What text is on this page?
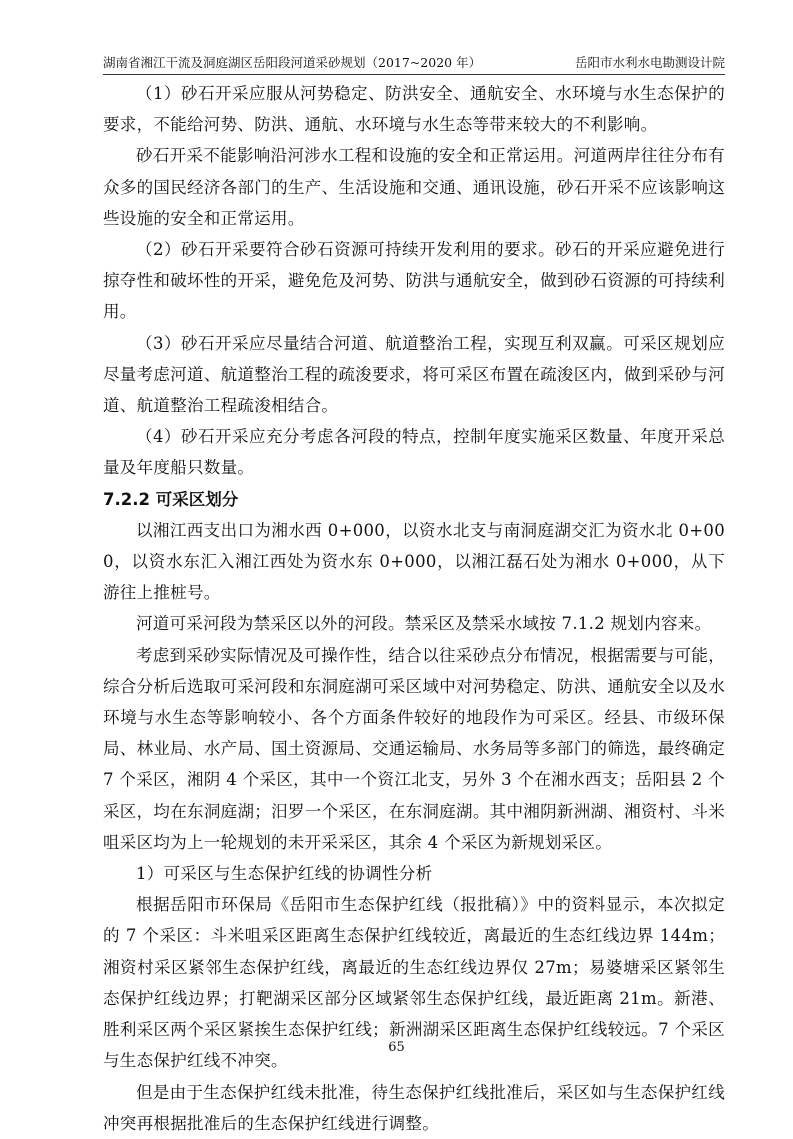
湖南省湘江干流及洞庭湖区岳阳段河道采砂规划（2017~2020 年）	岳阳市水利水电勘测设计院

（1）砂石开采应服从河势稳定、防洪安全、通航安全、水环境与水生态保护的要求，不能给河势、防洪、通航、水环境与水生态等带来较大的不利影响。

砂石开采不能影响沿河涉水工程和设施的安全和正常运用。河道两岸往往分布有众多的国民经济各部门的生产、生活设施和交通、通讯设施，砂石开采不应该影响这些设施的安全和正常运用。

（2）砂石开采要符合砂石资源可持续开发利用的要求。砂石的开采应避免进行掠夺性和破坏性的开采，避免危及河势、防洪与通航安全，做到砂石资源的可持续利用。

（3）砂石开采应尽量结合河道、航道整治工程，实现互利双赢。可采区规划应尽量考虑河道、航道整治工程的疏浚要求，将可采区布置在疏浚区内，做到采砂与河道、航道整治工程疏浚相结合。

（4）砂石开采应充分考虑各河段的特点，控制年度实施采区数量、年度开采总量及年度船只数量。

7.2.2 可采区划分

以湘江西支出口为湘水西 0+000，以资水北支与南洞庭湖交汇为资水北 0+000，以资水东汇入湘江西处为资水东 0+000，以湘江磊石处为湘水 0+000，从下游往上推桩号。

河道可采河段为禁采区以外的河段。禁采区及禁采水域按 7.1.2 规划内容来。

考虑到采砂实际情况及可操作性，结合以往采砂点分布情况，根据需要与可能，综合分析后选取可采河段和东洞庭湖可采区域中对河势稳定、防洪、通航安全以及水环境与水生态等影响较小、各个方面条件较好的地段作为可采区。经县、市级环保局、林业局、水产局、国土资源局、交通运输局、水务局等多部门的筛选，最终确定 7 个采区，湘阴 4 个采区，其中一个资江北支，另外 3 个在湘水西支；岳阳县 2 个采区，均在东洞庭湖；汨罗一个采区，在东洞庭湖。其中湘阴新洲湖、湘资村、斗米咀采区均为上一轮规划的未开采采区，其余 4 个采区为新规划采区。

1）可采区与生态保护红线的协调性分析

根据岳阳市环保局《岳阳市生态保护红线（报批稿）》中的资料显示，本次拟定的 7 个采区：斗米咀采区距离生态保护红线较近，离最近的生态红线边界 144m；湘资村采区紧邻生态保护红线，离最近的生态红线边界仅 27m；易婆塘采区紧邻生态保护红线边界；打靶湖采区部分区域紧邻生态保护红线，最近距离 21m。新港、胜利采区两个采区紧挨生态保护红线；新洲湖采区距离生态保护红线较远。7 个采区与生态保护红线不冲突。

但是由于生态保护红线未批准，待生态保护红线批准后，采区如与生态保护红线冲突再根据批准后的生态保护红线进行调整。

65
